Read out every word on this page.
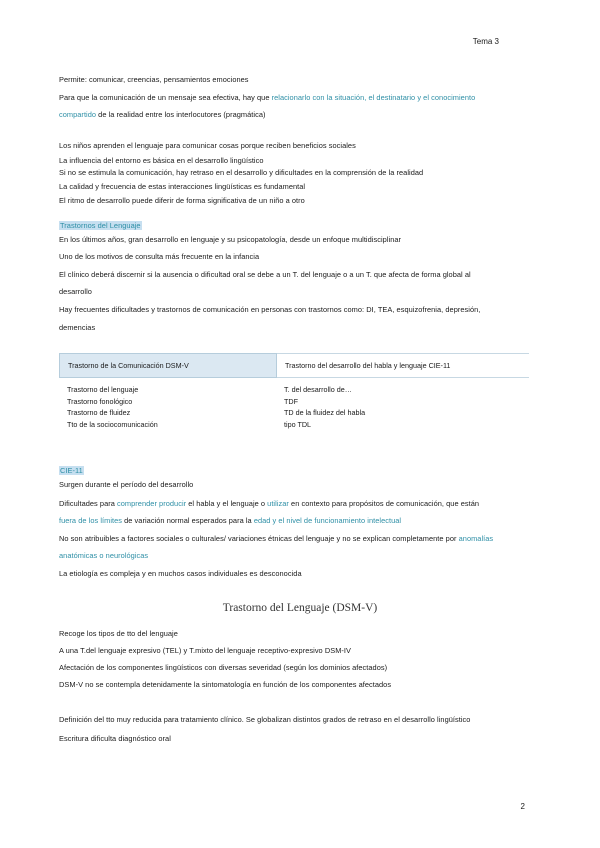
Tema 3
Permite: comunicar, creencias, pensamientos emociones
Para que la comunicación de un mensaje sea efectiva, hay que relacionarlo con la situación, el destinatario y el conocimiento
compartido de la realidad entre los interlocutores (pragmática)
Los niños aprenden el lenguaje para comunicar cosas porque reciben beneficios sociales
La influencia del entorno es básica en el desarrollo lingüístico
Si no se estimula la comunicación, hay retraso en el desarrollo y dificultades en la comprensión de la realidad
La calidad y frecuencia de estas interacciones lingüísticas es fundamental
El ritmo de desarrollo puede diferir de forma significativa de un niño a otro
Trastornos del Lenguaje
En los últimos años, gran desarrollo en lenguaje y su psicopatología, desde un enfoque multidisciplinar
Uno de los motivos de consulta más frecuente en la infancia
El clínico deberá discernir si la ausencia o dificultad oral se debe a un T. del lenguaje o a un T. que afecta de forma global al
desarrollo
Hay frecuentes dificultades y trastornos de comunicación en personas con trastornos como: DI, TEA, esquizofrenia, depresión,
demencias
Trastorno de la Comunicación DSM-V	Trastorno del desarrollo del habla y lenguaje CIE-11
Trastorno del lenguaje
Trastorno fonológico
Trastorno de fluidez
Tto de la sociocomunicación
T. del desarrollo de…
TDF
TD de la fluidez del habla
tipo TDL
CIE-11
Surgen durante el período del desarrollo
Dificultades para comprender producir el habla y el lenguaje o utilizar en contexto para propósitos de comunicación, que están
fuera de los límites de variación normal esperados para la edad y el nivel de funcionamiento intelectual
No son atribuibles a factores sociales o culturales/ variaciones étnicas del lenguaje y no se explican completamente por anomalías
anatómicas o neurológicas
La etiología es compleja y en muchos casos individuales es desconocida
Trastorno del Lenguaje (DSM-V)
Recoge los tipos de tto del lenguaje
A una T.del lenguaje expresivo (TEL) y T.mixto del lenguaje receptivo-expresivo DSM-IV
Afectación de los componentes lingüísticos con diversas severidad (según los dominios afectados)
DSM-V no se contempla detenidamente la sintomatología en función de los componentes afectados
Definición del tto muy reducida para tratamiento clínico. Se globalizan distintos grados de retraso en el desarrollo lingüístico
Escritura dificulta diagnóstico oral
2
